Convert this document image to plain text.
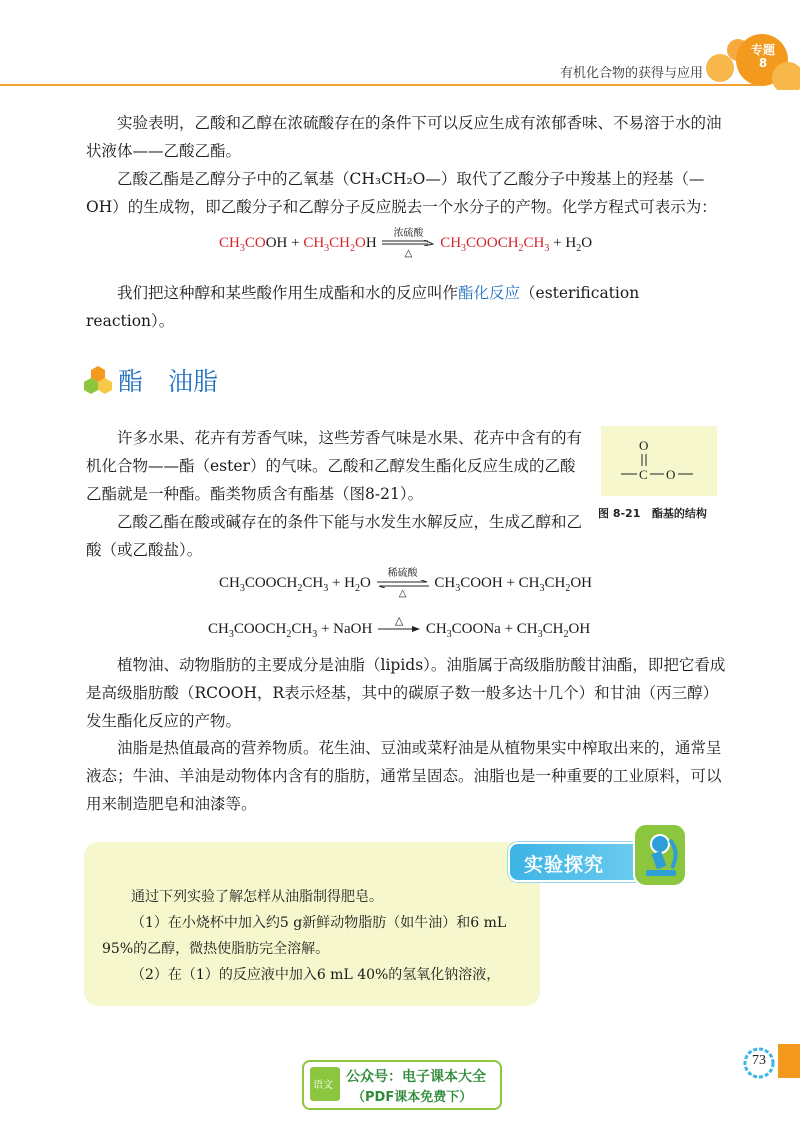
有机化合物的获得与应用
专题
8

实验表明，乙酸和乙醇在浓硫酸存在的条件下可以反应生成有浓郁香味、不易溶于水的油状液体——乙酸乙酯。

乙酸乙酯是乙醇分子中的乙氧基（CH₃CH₂O—）取代了乙酸分子中羧基上的羟基（—OH）的生成物，即乙酸分子和乙醇分子反应脱去一个水分子的产物。化学方程式可表示为：

$CH_3COOH + CH_3CH_2OH$
浓硫酸
△
$CH_3COOCH_2CH_3 + H_2O$

我们把这种醇和某些酸作用生成酯和水的反应叫作酯化反应（esterification reaction）。

酯　油脂

许多水果、花卉有芳香气味，这些芳香气味是水果、花卉中含有的有机化合物——酯（ester）的气味。乙酸和乙醇发生酯化反应生成的乙酸乙酯就是一种酯。酯类物质含有酯基（图8-21）。

乙酸乙酯在酸或碱存在的条件下能与水发生水解反应，生成乙醇和乙酸（或乙酸盐）。

O
C O
图 8-21 酯基的结构
$CH_3COOCH_2CH_3 + H_2O$
稀硫酸
△
$CH_3COOH + CH_3CH_2OH$
$CH_3COOCH_2CH_3$ + NaOH
△
$CH_3COONa + CH_3CH_2OH$

植物油、动物脂肪的主要成分是油脂（lipids）。油脂属于高级脂肪酸甘油酯，即把它看成是高级脂肪酸（RCOOH，R表示烃基，其中的碳原子数一般多达十几个）和甘油（丙三醇）发生酯化反应的产物。

油脂是热值最高的营养物质。花生油、豆油或菜籽油是从植物果实中榨取出来的，通常呈液态；牛油、羊油是动物体内含有的脂肪，通常呈固态。油脂也是一种重要的工业原料，可以用来制造肥皂和油漆等。

通过下列实验了解怎样从油脂制得肥皂。
（1）在小烧杯中加入约5 g新鲜动物脂肪（如牛油）和6 mL
95%的乙醇，微热使脂肪完全溶解。
（2）在（1）的反应液中加入6 mL 40%的氢氧化钠溶液，
实验探究
73
语文
公众号：电子课本大全
（PDF课本免费下）
